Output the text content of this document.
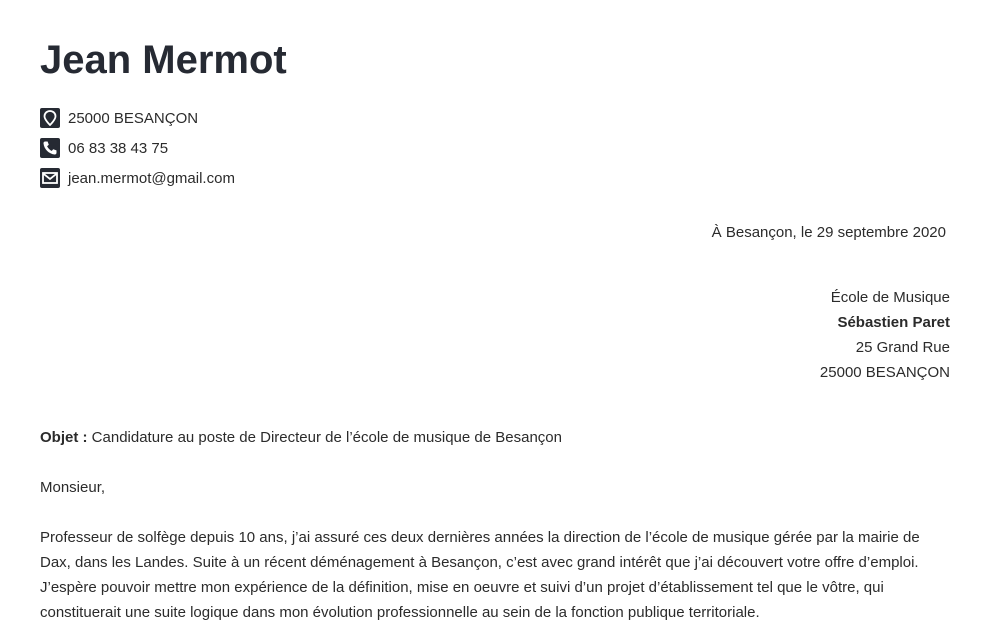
Jean Mermot
25000 BESANÇON
06 83 38 43 75
jean.mermot@gmail.com
À Besançon, le 29 septembre 2020
École de Musique
Sébastien Paret
25 Grand Rue
25000 BESANÇON
Objet : Candidature au poste de Directeur de l’école de musique de Besançon
Monsieur,

Professeur de solfège depuis 10 ans, j’ai assuré ces deux dernières années la direction de l’école de musique gérée par la mairie de Dax, dans les Landes. Suite à un récent déménagement à Besançon, c’est avec grand intérêt que j’ai découvert votre offre d’emploi. J’espère pouvoir mettre mon expérience de la définition, mise en oeuvre et suivi d’un projet d’établissement tel que le vôtre, qui constituerait une suite logique dans mon évolution professionnelle au sein de la fonction publique territoriale.
